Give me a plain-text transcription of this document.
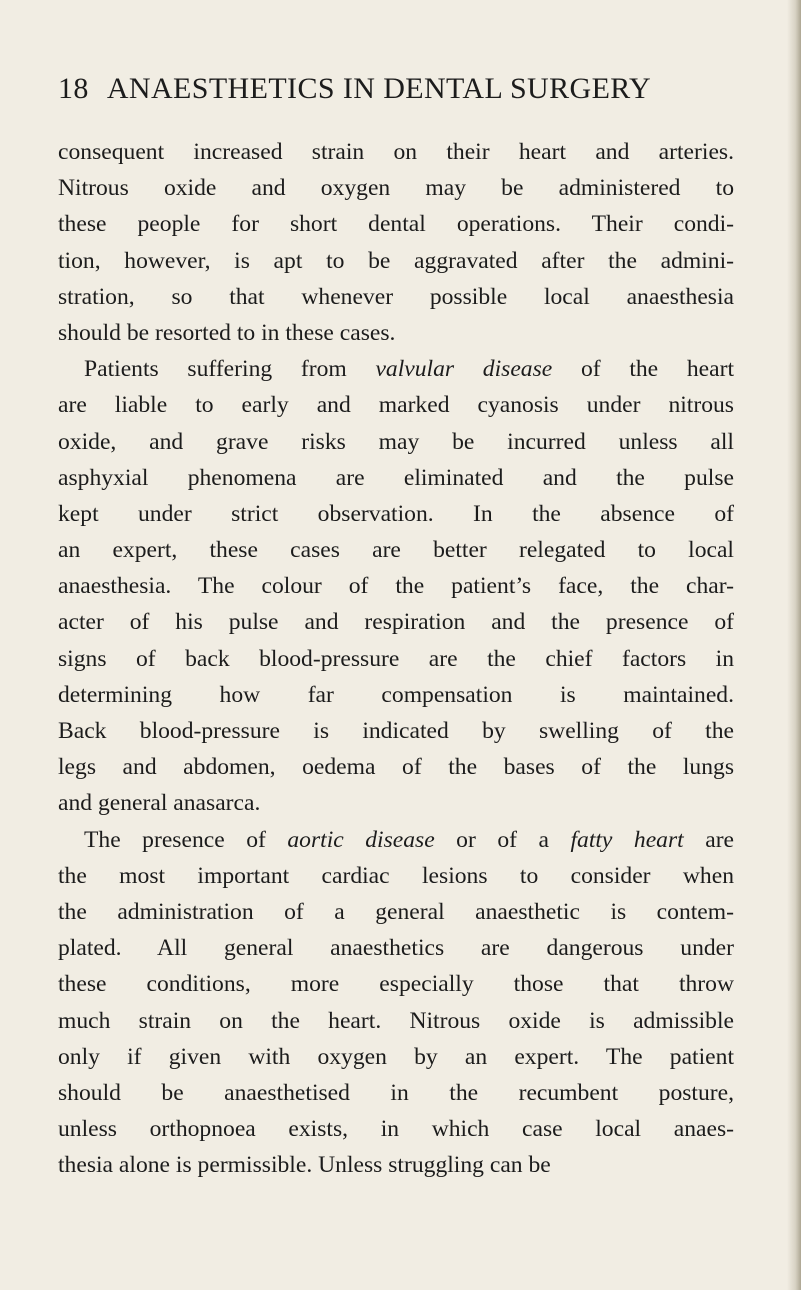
18 ANAESTHETICS IN DENTAL SURGERY
consequent increased strain on their heart and arteries.
Nitrous oxide and oxygen may be administered to
these people for short dental operations. Their condi-
tion, however, is apt to be aggravated after the admini-
stration, so that whenever possible local anaesthesia
should be resorted to in these cases.
Patients suffering from valvular disease of the heart
are liable to early and marked cyanosis under nitrous
oxide, and grave risks may be incurred unless all
asphyxial phenomena are eliminated and the pulse
kept under strict observation. In the absence of
an expert, these cases are better relegated to local
anaesthesia. The colour of the patient’s face, the char-
acter of his pulse and respiration and the presence of
signs of back blood-pressure are the chief factors in
determining how far compensation is maintained.
Back blood-pressure is indicated by swelling of the
legs and abdomen, oedema of the bases of the lungs
and general anasarca.
The presence of aortic disease or of a fatty heart are
the most important cardiac lesions to consider when
the administration of a general anaesthetic is contem-
plated. All general anaesthetics are dangerous under
these conditions, more especially those that throw
much strain on the heart. Nitrous oxide is admissible
only if given with oxygen by an expert. The patient
should be anaesthetised in the recumbent posture,
unless orthopnoea exists, in which case local anaes-
thesia alone is permissible. Unless struggling can be
